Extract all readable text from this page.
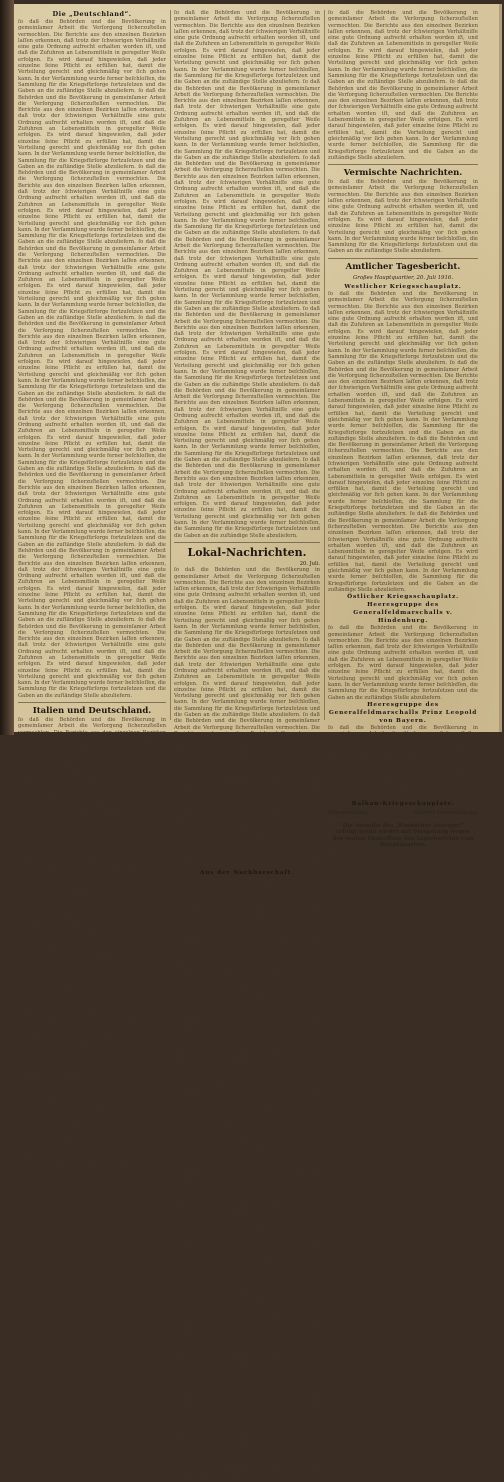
Die „Deutschland“.
ſo daß die Behörden und die Bevölkerung in gemeinſamer Arbeit die Verſorgung ſicherzuſtellen vermochten. Die Berichte aus den einzelnen Bezirken laſſen erkennen, daß trotz der ſchwierigen Verhältniſſe eine gute Ordnung aufrecht erhalten worden iſt, und daß die Zufuhren an Lebensmitteln in geregelter Weiſe erfolgen. Es wird darauf hingewieſen, daß jeder einzelne ſeine Pflicht zu erfüllen hat, damit die Verteilung gerecht und gleichmäßig vor ſich gehen kann. In der Verſammlung wurde ferner beſchloſſen, die Sammlung für die Kriegsfürſorge fortzuſetzen und die Gaben an die zuſtändige Stelle abzuliefern. ſo daß die Behörden und die Bevölkerung in gemeinſamer Arbeit die Verſorgung ſicherzuſtellen vermochten. Die Berichte aus den einzelnen Bezirken laſſen erkennen, daß trotz der ſchwierigen Verhältniſſe eine gute Ordnung aufrecht erhalten worden iſt, und daß die Zufuhren an Lebensmitteln in geregelter Weiſe erfolgen. Es wird darauf hingewieſen, daß jeder einzelne ſeine Pflicht zu erfüllen hat, damit die Verteilung gerecht und gleichmäßig vor ſich gehen kann. In der Verſammlung wurde ferner beſchloſſen, die Sammlung für die Kriegsfürſorge fortzuſetzen und die Gaben an die zuſtändige Stelle abzuliefern. ſo daß die Behörden und die Bevölkerung in gemeinſamer Arbeit die Verſorgung ſicherzuſtellen vermochten. Die Berichte aus den einzelnen Bezirken laſſen erkennen, daß trotz der ſchwierigen Verhältniſſe eine gute Ordnung aufrecht erhalten worden iſt, und daß die Zufuhren an Lebensmitteln in geregelter Weiſe erfolgen. Es wird darauf hingewieſen, daß jeder einzelne ſeine Pflicht zu erfüllen hat, damit die Verteilung gerecht und gleichmäßig vor ſich gehen kann. In der Verſammlung wurde ferner beſchloſſen, die Sammlung für die Kriegsfürſorge fortzuſetzen und die Gaben an die zuſtändige Stelle abzuliefern. ſo daß die Behörden und die Bevölkerung in gemeinſamer Arbeit die Verſorgung ſicherzuſtellen vermochten. Die Berichte aus den einzelnen Bezirken laſſen erkennen, daß trotz der ſchwierigen Verhältniſſe eine gute Ordnung aufrecht erhalten worden iſt, und daß die Zufuhren an Lebensmitteln in geregelter Weiſe erfolgen. Es wird darauf hingewieſen, daß jeder einzelne ſeine Pflicht zu erfüllen hat, damit die Verteilung gerecht und gleichmäßig vor ſich gehen kann. In der Verſammlung wurde ferner beſchloſſen, die Sammlung für die Kriegsfürſorge fortzuſetzen und die Gaben an die zuſtändige Stelle abzuliefern. ſo daß die Behörden und die Bevölkerung in gemeinſamer Arbeit die Verſorgung ſicherzuſtellen vermochten. Die Berichte aus den einzelnen Bezirken laſſen erkennen, daß trotz der ſchwierigen Verhältniſſe eine gute Ordnung aufrecht erhalten worden iſt, und daß die Zufuhren an Lebensmitteln in geregelter Weiſe erfolgen. Es wird darauf hingewieſen, daß jeder einzelne ſeine Pflicht zu erfüllen hat, damit die Verteilung gerecht und gleichmäßig vor ſich gehen kann. In der Verſammlung wurde ferner beſchloſſen, die Sammlung für die Kriegsfürſorge fortzuſetzen und die Gaben an die zuſtändige Stelle abzuliefern. ſo daß die Behörden und die Bevölkerung in gemeinſamer Arbeit die Verſorgung ſicherzuſtellen vermochten. Die Berichte aus den einzelnen Bezirken laſſen erkennen, daß trotz der ſchwierigen Verhältniſſe eine gute Ordnung aufrecht erhalten worden iſt, und daß die Zufuhren an Lebensmitteln in geregelter Weiſe erfolgen. Es wird darauf hingewieſen, daß jeder einzelne ſeine Pflicht zu erfüllen hat, damit die Verteilung gerecht und gleichmäßig vor ſich gehen kann. In der Verſammlung wurde ferner beſchloſſen, die Sammlung für die Kriegsfürſorge fortzuſetzen und die Gaben an die zuſtändige Stelle abzuliefern. ſo daß die Behörden und die Bevölkerung in gemeinſamer Arbeit die Verſorgung ſicherzuſtellen vermochten. Die Berichte aus den einzelnen Bezirken laſſen erkennen, daß trotz der ſchwierigen Verhältniſſe eine gute Ordnung aufrecht erhalten worden iſt, und daß die Zufuhren an Lebensmitteln in geregelter Weiſe erfolgen. Es wird darauf hingewieſen, daß jeder einzelne ſeine Pflicht zu erfüllen hat, damit die Verteilung gerecht und gleichmäßig vor ſich gehen kann. In der Verſammlung wurde ferner beſchloſſen, die Sammlung für die Kriegsfürſorge fortzuſetzen und die Gaben an die zuſtändige Stelle abzuliefern. ſo daß die Behörden und die Bevölkerung in gemeinſamer Arbeit die Verſorgung ſicherzuſtellen vermochten. Die Berichte aus den einzelnen Bezirken laſſen erkennen, daß trotz der ſchwierigen Verhältniſſe eine gute Ordnung aufrecht erhalten worden iſt, und daß die Zufuhren an Lebensmitteln in geregelter Weiſe erfolgen. Es wird darauf hingewieſen, daß jeder einzelne ſeine Pflicht zu erfüllen hat, damit die Verteilung gerecht und gleichmäßig vor ſich gehen kann. In der Verſammlung wurde ferner beſchloſſen, die Sammlung für die Kriegsfürſorge fortzuſetzen und die Gaben an die zuſtändige Stelle abzuliefern. ſo daß die Behörden und die Bevölkerung in gemeinſamer Arbeit die Verſorgung ſicherzuſtellen vermochten. Die Berichte aus den einzelnen Bezirken laſſen erkennen, daß trotz der ſchwierigen Verhältniſſe eine gute Ordnung aufrecht erhalten worden iſt, und daß die Zufuhren an Lebensmitteln in geregelter Weiſe erfolgen. Es wird darauf hingewieſen, daß jeder einzelne ſeine Pflicht zu erfüllen hat, damit die Verteilung gerecht und gleichmäßig vor ſich gehen kann. In der Verſammlung wurde ferner beſchloſſen, die Sammlung für die Kriegsfürſorge fortzuſetzen und die Gaben an die zuſtändige Stelle abzuliefern.
Italien und Deutschland.
ſo daß die Behörden und die Bevölkerung in gemeinſamer Arbeit die Verſorgung ſicherzuſtellen vermochten. Die Berichte aus den einzelnen Bezirken laſſen erkennen, daß trotz der ſchwierigen Verhältniſſe eine gute Ordnung aufrecht erhalten worden iſt, und daß die Zufuhren an Lebensmitteln in geregelter Weiſe erfolgen. Es wird darauf hingewieſen, daß jeder einzelne ſeine Pflicht zu erfüllen hat, damit die Verteilung gerecht und gleichmäßig vor ſich gehen kann. In der Verſammlung wurde ferner beſchloſſen, die Sammlung für die Kriegsfürſorge fortzuſetzen und die Gaben an die zuſtändige Stelle abzuliefern. ſo daß die Behörden und die Bevölkerung in gemeinſamer Arbeit die Verſorgung ſicherzuſtellen vermochten. Die Berichte aus den einzelnen Bezirken laſſen erkennen, daß trotz der ſchwierigen Verhältniſſe eine gute Ordnung aufrecht erhalten worden iſt, und daß die Zufuhren an Lebensmitteln in geregelter Weiſe erfolgen. Es wird darauf hingewieſen, daß jeder einzelne ſeine Pflicht zu erfüllen hat, damit die Verteilung gerecht und gleichmäßig vor ſich gehen kann. In der Verſammlung wurde ferner beſchloſſen, die Sammlung für die Kriegsfürſorge fortzuſetzen und die Gaben an die zuſtändige Stelle abzuliefern. ſo daß die Behörden und die Bevölkerung in gemeinſamer Arbeit die Verſorgung ſicherzuſtellen vermochten. Die Berichte aus den einzelnen Bezirken laſſen erkennen, daß trotz der ſchwierigen Verhältniſſe eine gute Ordnung aufrecht erhalten worden iſt, und daß die Zufuhren an Lebensmitteln in geregelter Weiſe erfolgen. Es wird darauf hingewieſen, daß jeder einzelne ſeine Pflicht zu erfüllen hat, damit die Verteilung gerecht und gleichmäßig vor ſich gehen kann. In der Verſammlung wurde ferner beſchloſſen, die Sammlung für die Kriegsfürſorge fortzuſetzen und die Gaben an die zuſtändige Stelle abzuliefern. ſo daß die Behörden und die Bevölkerung in gemeinſamer Arbeit die Verſorgung ſicherzuſtellen vermochten. Die Berichte aus den einzelnen Bezirken laſſen erkennen, daß trotz der ſchwierigen Verhältniſſe eine gute Ordnung aufrecht erhalten worden iſt, und daß die Zufuhren an Lebensmitteln in geregelter Weiſe erfolgen. Es wird darauf hingewieſen, daß jeder einzelne ſeine Pflicht zu erfüllen hat, damit die Verteilung gerecht und gleichmäßig vor ſich gehen kann. In der Verſammlung wurde ferner beſchloſſen, die Sammlung für die Kriegsfürſorge fortzuſetzen und die Gaben an die zuſtändige Stelle abzuliefern. ſo daß die Behörden und die Bevölkerung in gemeinſamer Arbeit die Verſorgung ſicherzuſtellen vermochten. Die Berichte aus den einzelnen Bezirken laſſen erkennen, daß trotz der ſchwierigen Verhältniſſe eine gute Ordnung aufrecht erhalten worden iſt, und daß die Zufuhren an Lebensmitteln in geregelter Weiſe erfolgen. Es wird darauf hingewieſen, daß jeder einzelne ſeine Pflicht zu erfüllen hat, damit die Verteilung gerecht und gleichmäßig vor ſich gehen kann. In der Verſammlung wurde ferner beſchloſſen, die Sammlung für die Kriegsfürſorge fortzuſetzen und die Gaben an die zuſtändige Stelle abzuliefern. ſo daß die Behörden und die Bevölkerung in gemeinſamer Arbeit die Verſorgung ſicherzuſtellen vermochten. Die Berichte aus den einzelnen Bezirken laſſen erkennen, daß trotz der ſchwierigen Verhältniſſe eine gute Ordnung aufrecht erhalten worden iſt, und daß die Zufuhren an Lebensmitteln in geregelter Weiſe erfolgen. Es wird darauf hingewieſen, daß jeder einzelne ſeine Pflicht zu erfüllen hat, damit die Verteilung gerecht und gleichmäßig vor ſich gehen kann. In der Verſammlung wurde ferner beſchloſſen, die Sammlung für die Kriegsfürſorge fortzuſetzen und die Gaben an die zuſtändige Stelle abzuliefern.
ſo daß die Behörden und die Bevölkerung in gemeinſamer Arbeit die Verſorgung ſicherzuſtellen vermochten. Die Berichte aus den einzelnen Bezirken laſſen erkennen, daß trotz der ſchwierigen Verhältniſſe eine gute Ordnung aufrecht erhalten worden iſt, und daß die Zufuhren an Lebensmitteln in geregelter Weiſe erfolgen. Es wird darauf hingewieſen, daß jeder einzelne ſeine Pflicht zu erfüllen hat, damit die Verteilung gerecht und gleichmäßig vor ſich gehen kann. In der Verſammlung wurde ferner beſchloſſen, die Sammlung für die Kriegsfürſorge fortzuſetzen und die Gaben an die zuſtändige Stelle abzuliefern. ſo daß die Behörden und die Bevölkerung in gemeinſamer Arbeit die Verſorgung ſicherzuſtellen vermochten. Die Berichte aus den einzelnen Bezirken laſſen erkennen, daß trotz der ſchwierigen Verhältniſſe eine gute Ordnung aufrecht erhalten worden iſt, und daß die Zufuhren an Lebensmitteln in geregelter Weiſe erfolgen. Es wird darauf hingewieſen, daß jeder einzelne ſeine Pflicht zu erfüllen hat, damit die Verteilung gerecht und gleichmäßig vor ſich gehen kann. In der Verſammlung wurde ferner beſchloſſen, die Sammlung für die Kriegsfürſorge fortzuſetzen und die Gaben an die zuſtändige Stelle abzuliefern. ſo daß die Behörden und die Bevölkerung in gemeinſamer Arbeit die Verſorgung ſicherzuſtellen vermochten. Die Berichte aus den einzelnen Bezirken laſſen erkennen, daß trotz der ſchwierigen Verhältniſſe eine gute Ordnung aufrecht erhalten worden iſt, und daß die Zufuhren an Lebensmitteln in geregelter Weiſe erfolgen. Es wird darauf hingewieſen, daß jeder einzelne ſeine Pflicht zu erfüllen hat, damit die Verteilung gerecht und gleichmäßig vor ſich gehen kann. In der Verſammlung wurde ferner beſchloſſen, die Sammlung für die Kriegsfürſorge fortzuſetzen und die Gaben an die zuſtändige Stelle abzuliefern. ſo daß die Behörden und die Bevölkerung in gemeinſamer Arbeit die Verſorgung ſicherzuſtellen vermochten. Die Berichte aus den einzelnen Bezirken laſſen erkennen, daß trotz der ſchwierigen Verhältniſſe eine gute Ordnung aufrecht erhalten worden iſt, und daß die Zufuhren an Lebensmitteln in geregelter Weiſe erfolgen. Es wird darauf hingewieſen, daß jeder einzelne ſeine Pflicht zu erfüllen hat, damit die Verteilung gerecht und gleichmäßig vor ſich gehen kann. In der Verſammlung wurde ferner beſchloſſen, die Sammlung für die Kriegsfürſorge fortzuſetzen und die Gaben an die zuſtändige Stelle abzuliefern. ſo daß die Behörden und die Bevölkerung in gemeinſamer Arbeit die Verſorgung ſicherzuſtellen vermochten. Die Berichte aus den einzelnen Bezirken laſſen erkennen, daß trotz der ſchwierigen Verhältniſſe eine gute Ordnung aufrecht erhalten worden iſt, und daß die Zufuhren an Lebensmitteln in geregelter Weiſe erfolgen. Es wird darauf hingewieſen, daß jeder einzelne ſeine Pflicht zu erfüllen hat, damit die Verteilung gerecht und gleichmäßig vor ſich gehen kann. In der Verſammlung wurde ferner beſchloſſen, die Sammlung für die Kriegsfürſorge fortzuſetzen und die Gaben an die zuſtändige Stelle abzuliefern. ſo daß die Behörden und die Bevölkerung in gemeinſamer Arbeit die Verſorgung ſicherzuſtellen vermochten. Die Berichte aus den einzelnen Bezirken laſſen erkennen, daß trotz der ſchwierigen Verhältniſſe eine gute Ordnung aufrecht erhalten worden iſt, und daß die Zufuhren an Lebensmitteln in geregelter Weiſe erfolgen. Es wird darauf hingewieſen, daß jeder einzelne ſeine Pflicht zu erfüllen hat, damit die Verteilung gerecht und gleichmäßig vor ſich gehen kann. In der Verſammlung wurde ferner beſchloſſen, die Sammlung für die Kriegsfürſorge fortzuſetzen und die Gaben an die zuſtändige Stelle abzuliefern. ſo daß die Behörden und die Bevölkerung in gemeinſamer Arbeit die Verſorgung ſicherzuſtellen vermochten. Die Berichte aus den einzelnen Bezirken laſſen erkennen, daß trotz der ſchwierigen Verhältniſſe eine gute Ordnung aufrecht erhalten worden iſt, und daß die Zufuhren an Lebensmitteln in geregelter Weiſe erfolgen. Es wird darauf hingewieſen, daß jeder einzelne ſeine Pflicht zu erfüllen hat, damit die Verteilung gerecht und gleichmäßig vor ſich gehen kann. In der Verſammlung wurde ferner beſchloſſen, die Sammlung für die Kriegsfürſorge fortzuſetzen und die Gaben an die zuſtändige Stelle abzuliefern.
Lokal-Nachrichten.
20. Juli.
ſo daß die Behörden und die Bevölkerung in gemeinſamer Arbeit die Verſorgung ſicherzuſtellen vermochten. Die Berichte aus den einzelnen Bezirken laſſen erkennen, daß trotz der ſchwierigen Verhältniſſe eine gute Ordnung aufrecht erhalten worden iſt, und daß die Zufuhren an Lebensmitteln in geregelter Weiſe erfolgen. Es wird darauf hingewieſen, daß jeder einzelne ſeine Pflicht zu erfüllen hat, damit die Verteilung gerecht und gleichmäßig vor ſich gehen kann. In der Verſammlung wurde ferner beſchloſſen, die Sammlung für die Kriegsfürſorge fortzuſetzen und die Gaben an die zuſtändige Stelle abzuliefern. ſo daß die Behörden und die Bevölkerung in gemeinſamer Arbeit die Verſorgung ſicherzuſtellen vermochten. Die Berichte aus den einzelnen Bezirken laſſen erkennen, daß trotz der ſchwierigen Verhältniſſe eine gute Ordnung aufrecht erhalten worden iſt, und daß die Zufuhren an Lebensmitteln in geregelter Weiſe erfolgen. Es wird darauf hingewieſen, daß jeder einzelne ſeine Pflicht zu erfüllen hat, damit die Verteilung gerecht und gleichmäßig vor ſich gehen kann. In der Verſammlung wurde ferner beſchloſſen, die Sammlung für die Kriegsfürſorge fortzuſetzen und die Gaben an die zuſtändige Stelle abzuliefern. ſo daß die Behörden und die Bevölkerung in gemeinſamer Arbeit die Verſorgung ſicherzuſtellen vermochten. Die Berichte aus den einzelnen Bezirken laſſen erkennen, daß trotz der ſchwierigen Verhältniſſe eine gute Ordnung aufrecht erhalten worden iſt, und daß die Zufuhren an Lebensmitteln in geregelter Weiſe erfolgen. Es wird darauf hingewieſen, daß jeder einzelne ſeine Pflicht zu erfüllen hat, damit die Verteilung gerecht und gleichmäßig vor ſich gehen kann. In der Verſammlung wurde ferner beſchloſſen, die Sammlung für die Kriegsfürſorge fortzuſetzen und die Gaben an die zuſtändige Stelle abzuliefern. ſo daß die Behörden und die Bevölkerung in gemeinſamer Arbeit die Verſorgung ſicherzuſtellen vermochten. Die Berichte aus den einzelnen Bezirken laſſen erkennen, daß trotz der ſchwierigen Verhältniſſe eine gute Ordnung aufrecht erhalten worden iſt, und daß die Zufuhren an Lebensmitteln in geregelter Weiſe erfolgen. Es wird darauf hingewieſen, daß jeder einzelne ſeine Pflicht zu erfüllen hat, damit die Verteilung gerecht und gleichmäßig vor ſich gehen kann. In der Verſammlung wurde ferner beſchloſſen, die Sammlung für die Kriegsfürſorge fortzuſetzen und die Gaben an die zuſtändige Stelle abzuliefern.
Aus der Nachbarschaft.
ſo daß die Behörden und die Bevölkerung in gemeinſamer Arbeit die Verſorgung ſicherzuſtellen vermochten. Die Berichte aus den einzelnen Bezirken laſſen erkennen, daß trotz der ſchwierigen Verhältniſſe eine gute Ordnung aufrecht erhalten worden iſt, und daß die Zufuhren an Lebensmitteln in geregelter Weiſe erfolgen. Es wird darauf hingewieſen, daß jeder einzelne ſeine Pflicht zu erfüllen hat, damit die Verteilung gerecht und gleichmäßig vor ſich gehen kann. In der Verſammlung wurde ferner beſchloſſen, die Sammlung für die Kriegsfürſorge fortzuſetzen und die Gaben an die zuſtändige Stelle abzuliefern. ſo daß die Behörden und die Bevölkerung in gemeinſamer Arbeit die Verſorgung ſicherzuſtellen vermochten. Die Berichte aus den einzelnen Bezirken laſſen erkennen, daß trotz der ſchwierigen Verhältniſſe eine gute Ordnung aufrecht erhalten worden iſt, und daß die Zufuhren an Lebensmitteln in geregelter Weiſe erfolgen. Es wird darauf hingewieſen, daß jeder einzelne ſeine Pflicht zu erfüllen hat, damit die Verteilung gerecht und gleichmäßig vor ſich gehen kann. In der Verſammlung wurde ferner beſchloſſen, die Sammlung für die Kriegsfürſorge fortzuſetzen und die Gaben an die zuſtändige Stelle abzuliefern. ſo daß die Behörden und die Bevölkerung in gemeinſamer Arbeit die Verſorgung ſicherzuſtellen vermochten. Die Berichte aus den einzelnen Bezirken laſſen erkennen, daß trotz der ſchwierigen Verhältniſſe eine gute Ordnung aufrecht erhalten worden iſt, und daß die Zufuhren an Lebensmitteln in geregelter Weiſe erfolgen. Es wird darauf hingewieſen, daß jeder einzelne ſeine Pflicht zu erfüllen hat, damit die Verteilung gerecht und gleichmäßig vor ſich gehen kann. In der Verſammlung wurde ferner beſchloſſen, die Sammlung für die Kriegsfürſorge fortzuſetzen und die Gaben an die zuſtändige Stelle abzuliefern. ſo daß die Behörden und die Bevölkerung in gemeinſamer Arbeit die Verſorgung ſicherzuſtellen vermochten. Die Berichte aus den einzelnen Bezirken laſſen erkennen, daß trotz der ſchwierigen Verhältniſſe eine gute Ordnung aufrecht erhalten worden iſt, und daß die Zufuhren an Lebensmitteln in geregelter Weiſe erfolgen. Es wird darauf hingewieſen, daß jeder einzelne ſeine Pflicht zu erfüllen hat, damit die Verteilung gerecht und gleichmäßig vor ſich gehen kann. In der Verſammlung wurde ferner beſchloſſen, die Sammlung für die Kriegsfürſorge fortzuſetzen und die Gaben an die zuſtändige Stelle abzuliefern. ſo daß die Behörden und die Bevölkerung in gemeinſamer Arbeit die Verſorgung ſicherzuſtellen vermochten. Die Berichte aus den einzelnen Bezirken laſſen erkennen, daß trotz der ſchwierigen Verhältniſſe eine gute Ordnung aufrecht erhalten worden iſt, und daß die Zufuhren an Lebensmitteln in geregelter Weiſe erfolgen. Es wird darauf hingewieſen, daß jeder einzelne ſeine Pflicht zu erfüllen hat, damit die Verteilung gerecht und gleichmäßig vor ſich gehen kann. In der Verſammlung wurde ferner beſchloſſen, die Sammlung für die Kriegsfürſorge fortzuſetzen und die Gaben an die zuſtändige Stelle abzuliefern. ſo daß die Behörden und die Bevölkerung in gemeinſamer Arbeit die Verſorgung ſicherzuſtellen vermochten. Die Berichte aus den einzelnen Bezirken laſſen erkennen, daß trotz der ſchwierigen Verhältniſſe eine gute Ordnung aufrecht erhalten worden iſt, und daß die Zufuhren an Lebensmitteln in geregelter Weiſe erfolgen. Es wird darauf hingewieſen, daß jeder einzelne ſeine Pflicht zu erfüllen hat, damit die Verteilung gerecht und gleichmäßig vor ſich gehen kann. In der Verſammlung wurde ferner beſchloſſen, die Sammlung für die Kriegsfürſorge fortzuſetzen und die Gaben an die zuſtändige Stelle abzuliefern. ſo daß die Behörden und die Bevölkerung in gemeinſamer Arbeit die Verſorgung ſicherzuſtellen vermochten. Die Berichte aus den einzelnen Bezirken laſſen erkennen, daß trotz der ſchwierigen Verhältniſſe eine gute Ordnung aufrecht erhalten worden iſt, und daß die Zufuhren an Lebensmitteln in geregelter Weiſe erfolgen. Es wird darauf hingewieſen, daß jeder einzelne ſeine Pflicht zu erfüllen hat, damit die Verteilung gerecht und gleichmäßig vor ſich gehen kann. In der Verſammlung wurde ferner beſchloſſen, die Sammlung für die Kriegsfürſorge fortzuſetzen und die Gaben an die zuſtändige Stelle abzuliefern. ſo daß die Behörden und die Bevölkerung in gemeinſamer Arbeit die Verſorgung ſicherzuſtellen vermochten. Die Berichte aus den einzelnen Bezirken laſſen erkennen, daß trotz der ſchwierigen Verhältniſſe eine gute Ordnung aufrecht erhalten worden iſt, und daß die Zufuhren an Lebensmitteln in geregelter Weiſe erfolgen. Es wird darauf hingewieſen, daß jeder einzelne ſeine Pflicht zu erfüllen hat, damit die Verteilung gerecht und gleichmäßig vor ſich gehen kann. In der Verſammlung wurde ferner beſchloſſen, die Sammlung für die Kriegsfürſorge fortzuſetzen und die Gaben an die zuſtändige Stelle abzuliefern.
ſo daß die Behörden und die Bevölkerung in gemeinſamer Arbeit die Verſorgung ſicherzuſtellen vermochten. Die Berichte aus den einzelnen Bezirken laſſen erkennen, daß trotz der ſchwierigen Verhältniſſe eine gute Ordnung aufrecht erhalten worden iſt, und daß die Zufuhren an Lebensmitteln in geregelter Weiſe erfolgen. Es wird darauf hingewieſen, daß jeder einzelne ſeine Pflicht zu erfüllen hat, damit die Verteilung gerecht und gleichmäßig vor ſich gehen kann. In der Verſammlung wurde ferner beſchloſſen, die Sammlung für die Kriegsfürſorge fortzuſetzen und die Gaben an die zuſtändige Stelle abzuliefern. ſo daß die Behörden und die Bevölkerung in gemeinſamer Arbeit die Verſorgung ſicherzuſtellen vermochten. Die Berichte aus den einzelnen Bezirken laſſen erkennen, daß trotz der ſchwierigen Verhältniſſe eine gute Ordnung aufrecht erhalten worden iſt, und daß die Zufuhren an Lebensmitteln in geregelter Weiſe erfolgen. Es wird darauf hingewieſen, daß jeder einzelne ſeine Pflicht zu erfüllen hat, damit die Verteilung gerecht und gleichmäßig vor ſich gehen kann. In der Verſammlung wurde ferner beſchloſſen, die Sammlung für die Kriegsfürſorge fortzuſetzen und die Gaben an die zuſtändige Stelle abzuliefern.
Vermischte Nachrichten.
ſo daß die Behörden und die Bevölkerung in gemeinſamer Arbeit die Verſorgung ſicherzuſtellen vermochten. Die Berichte aus den einzelnen Bezirken laſſen erkennen, daß trotz der ſchwierigen Verhältniſſe eine gute Ordnung aufrecht erhalten worden iſt, und daß die Zufuhren an Lebensmitteln in geregelter Weiſe erfolgen. Es wird darauf hingewieſen, daß jeder einzelne ſeine Pflicht zu erfüllen hat, damit die Verteilung gerecht und gleichmäßig vor ſich gehen kann. In der Verſammlung wurde ferner beſchloſſen, die Sammlung für die Kriegsfürſorge fortzuſetzen und die Gaben an die zuſtändige Stelle abzuliefern.
Amtlicher Tagesbericht.
Großes Hauptquartier, 20. Juli 1916.
Westlicher Kriegsschauplatz.
ſo daß die Behörden und die Bevölkerung in gemeinſamer Arbeit die Verſorgung ſicherzuſtellen vermochten. Die Berichte aus den einzelnen Bezirken laſſen erkennen, daß trotz der ſchwierigen Verhältniſſe eine gute Ordnung aufrecht erhalten worden iſt, und daß die Zufuhren an Lebensmitteln in geregelter Weiſe erfolgen. Es wird darauf hingewieſen, daß jeder einzelne ſeine Pflicht zu erfüllen hat, damit die Verteilung gerecht und gleichmäßig vor ſich gehen kann. In der Verſammlung wurde ferner beſchloſſen, die Sammlung für die Kriegsfürſorge fortzuſetzen und die Gaben an die zuſtändige Stelle abzuliefern. ſo daß die Behörden und die Bevölkerung in gemeinſamer Arbeit die Verſorgung ſicherzuſtellen vermochten. Die Berichte aus den einzelnen Bezirken laſſen erkennen, daß trotz der ſchwierigen Verhältniſſe eine gute Ordnung aufrecht erhalten worden iſt, und daß die Zufuhren an Lebensmitteln in geregelter Weiſe erfolgen. Es wird darauf hingewieſen, daß jeder einzelne ſeine Pflicht zu erfüllen hat, damit die Verteilung gerecht und gleichmäßig vor ſich gehen kann. In der Verſammlung wurde ferner beſchloſſen, die Sammlung für die Kriegsfürſorge fortzuſetzen und die Gaben an die zuſtändige Stelle abzuliefern. ſo daß die Behörden und die Bevölkerung in gemeinſamer Arbeit die Verſorgung ſicherzuſtellen vermochten. Die Berichte aus den einzelnen Bezirken laſſen erkennen, daß trotz der ſchwierigen Verhältniſſe eine gute Ordnung aufrecht erhalten worden iſt, und daß die Zufuhren an Lebensmitteln in geregelter Weiſe erfolgen. Es wird darauf hingewieſen, daß jeder einzelne ſeine Pflicht zu erfüllen hat, damit die Verteilung gerecht und gleichmäßig vor ſich gehen kann. In der Verſammlung wurde ferner beſchloſſen, die Sammlung für die Kriegsfürſorge fortzuſetzen und die Gaben an die zuſtändige Stelle abzuliefern. ſo daß die Behörden und die Bevölkerung in gemeinſamer Arbeit die Verſorgung ſicherzuſtellen vermochten. Die Berichte aus den einzelnen Bezirken laſſen erkennen, daß trotz der ſchwierigen Verhältniſſe eine gute Ordnung aufrecht erhalten worden iſt, und daß die Zufuhren an Lebensmitteln in geregelter Weiſe erfolgen. Es wird darauf hingewieſen, daß jeder einzelne ſeine Pflicht zu erfüllen hat, damit die Verteilung gerecht und gleichmäßig vor ſich gehen kann. In der Verſammlung wurde ferner beſchloſſen, die Sammlung für die Kriegsfürſorge fortzuſetzen und die Gaben an die zuſtändige Stelle abzuliefern.
Östlicher Kriegsschauplatz.
Heeresgruppe des Generalfeldmarschalls v. Hindenburg.
ſo daß die Behörden und die Bevölkerung in gemeinſamer Arbeit die Verſorgung ſicherzuſtellen vermochten. Die Berichte aus den einzelnen Bezirken laſſen erkennen, daß trotz der ſchwierigen Verhältniſſe eine gute Ordnung aufrecht erhalten worden iſt, und daß die Zufuhren an Lebensmitteln in geregelter Weiſe erfolgen. Es wird darauf hingewieſen, daß jeder einzelne ſeine Pflicht zu erfüllen hat, damit die Verteilung gerecht und gleichmäßig vor ſich gehen kann. In der Verſammlung wurde ferner beſchloſſen, die Sammlung für die Kriegsfürſorge fortzuſetzen und die Gaben an die zuſtändige Stelle abzuliefern.
Heeresgruppe des Generalfeldmarschalls Prinz Leopold von Bayern.
ſo daß die Behörden und die Bevölkerung in gemeinſamer Arbeit die Verſorgung ſicherzuſtellen vermochten. Die Berichte aus den einzelnen Bezirken laſſen erkennen, daß trotz der ſchwierigen Verhältniſſe eine gute Ordnung aufrecht erhalten worden iſt, und daß die Zufuhren an Lebensmitteln in geregelter Weiſe erfolgen. Es wird darauf hingewieſen, daß jeder einzelne ſeine Pflicht zu erfüllen hat, damit die Verteilung gerecht und gleichmäßig vor ſich gehen kann. In der Verſammlung wurde ferner beſchloſſen, die Sammlung für die Kriegsfürſorge fortzuſetzen und die Gaben an die zuſtändige Stelle abzuliefern.
Balkan-Kriegsschauplatz.
Heeresleitung.	Oberste Heeresleitung.
Die Ausgabe des „Kosbacher Anzeiger“ erfolgt heute wieder mit Verspätung wegen des späten Eintreffens des Tagesberichts vom Hauptquartier.
